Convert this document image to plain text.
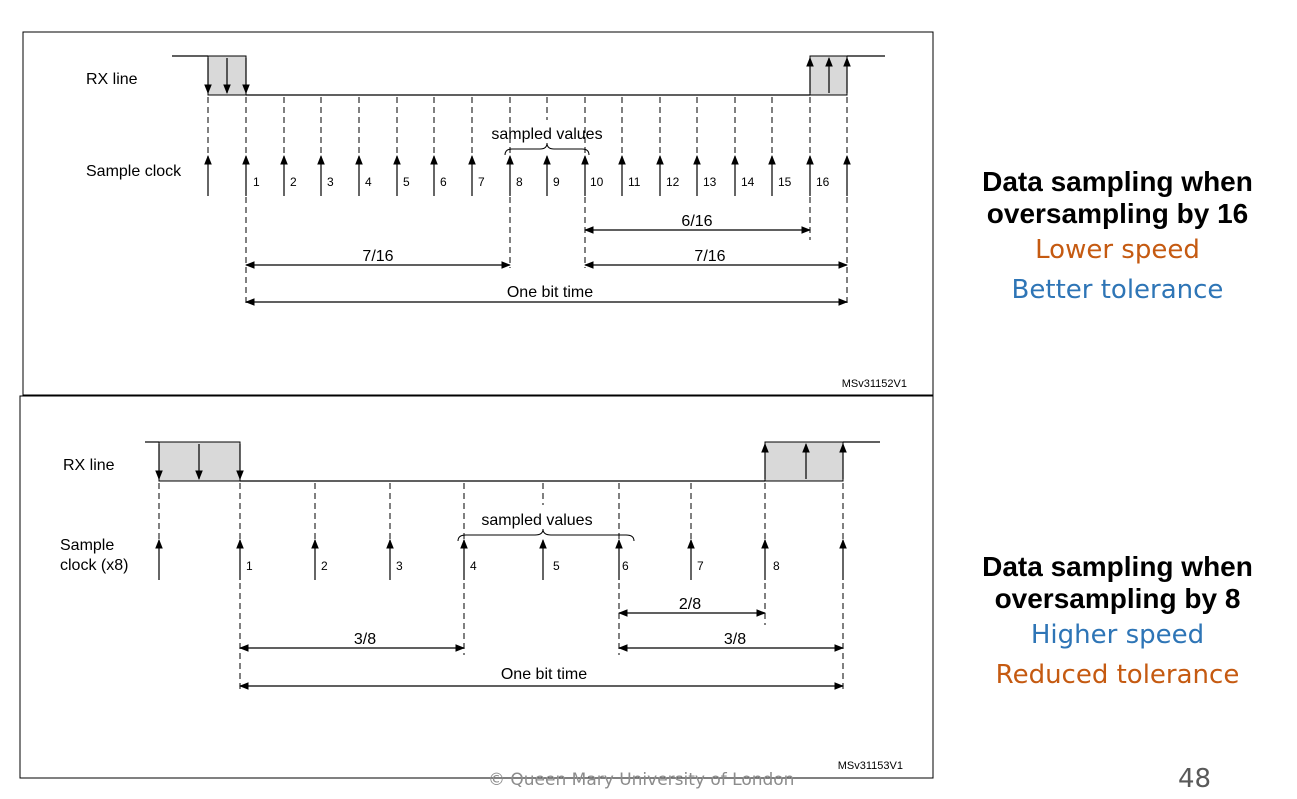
RX line
Sample clock
1	2	3	4	5	6	7	8	9	10 11 12 13 14 15 16
sampled values
6/16
7/16	7/16
One bit time
MSv31152V1
RX line
Sample
clock (x8)	1	2	3	4	5	6	7	8
sampled values
2/8
3/8	3/8
One bit time
MSv31153V1
Data sampling when
oversampling by 16
Lower speed
Better tolerance
Data sampling when
oversampling by 8
Higher speed
Reduced tolerance
© Queen Mary University of London	48
